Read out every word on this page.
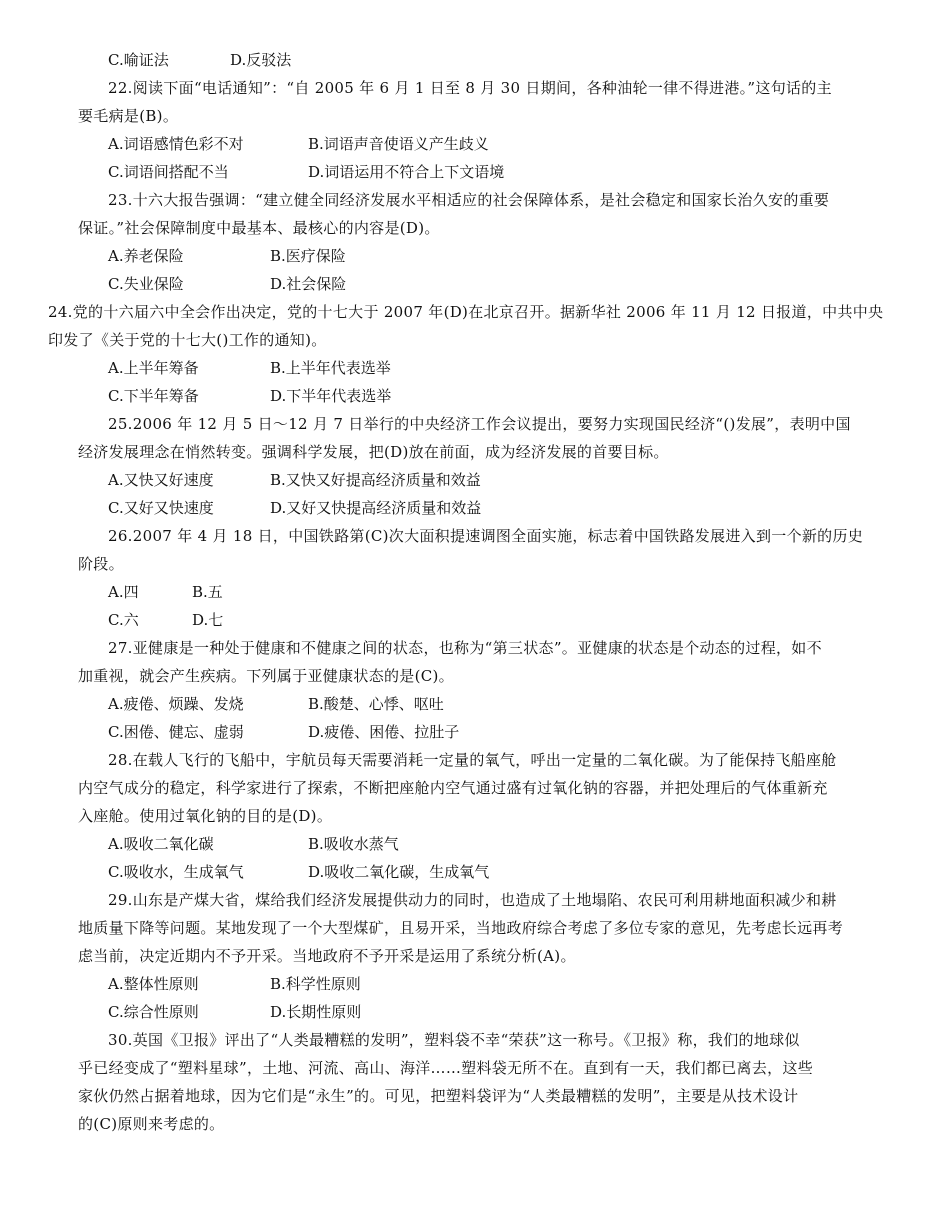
C.喻证法	D.反驳法
22.阅读下面“电话通知”：“自 2005 年 6 月 1 日至 8 月 30 日期间，各种油轮一律不得进港。”这句话的主
要毛病是(B)。
A.词语感情色彩不对	B.词语声音使语义产生歧义
C.词语间搭配不当	D.词语运用不符合上下文语境
23.十六大报告强调：“建立健全同经济发展水平相适应的社会保障体系，是社会稳定和国家长治久安的重要
保证。”社会保障制度中最基本、最核心的内容是(D)。
A.养老保险	B.医疗保险
C.失业保险	D.社会保险
24.党的十六届六中全会作出决定，党的十七大于 2007 年(D)在北京召开。据新华社 2006 年 11 月 12 日报道，中共中央
印发了《关于党的十七大()工作的通知)。
A.上半年筹备	B.上半年代表选举
C.下半年筹备	D.下半年代表选举
25.2006 年 12 月 5 日～12 月 7 日举行的中央经济工作会议提出，要努力实现国民经济“()发展”，表明中国
经济发展理念在悄然转变。强调科学发展，把(D)放在前面，成为经济发展的首要目标。
A.又快又好速度	B.又快又好提高经济质量和效益
C.又好又快速度	D.又好又快提高经济质量和效益
26.2007 年 4 月 18 日，中国铁路第(C)次大面积提速调图全面实施，标志着中国铁路发展进入到一个新的历史
阶段。
A.四	B.五
C.六	D.七
27.亚健康是一种处于健康和不健康之间的状态，也称为“第三状态”。亚健康的状态是个动态的过程，如不
加重视，就会产生疾病。下列属于亚健康状态的是(C)。
A.疲倦、烦躁、发烧	B.酸楚、心悸、呕吐
C.困倦、健忘、虚弱	D.疲倦、困倦、拉肚子
28.在载人飞行的飞船中，宇航员每天需要消耗一定量的氧气，呼出一定量的二氧化碳。为了能保持飞船座舱
内空气成分的稳定，科学家进行了探索，不断把座舱内空气通过盛有过氧化钠的容器，并把处理后的气体重新充
入座舱。使用过氧化钠的目的是(D)。
A.吸收二氧化碳	B.吸收水蒸气
C.吸收水，生成氧气	D.吸收二氧化碳，生成氧气
29.山东是产煤大省，煤给我们经济发展提供动力的同时，也造成了土地塌陷、农民可利用耕地面积减少和耕
地质量下降等问题。某地发现了一个大型煤矿，且易开采，当地政府综合考虑了多位专家的意见，先考虑长远再考
虑当前，决定近期内不予开采。当地政府不予开采是运用了系统分析(A)。
A.整体性原则	B.科学性原则
C.综合性原则	D.长期性原则
30.英国《卫报》评出了“人类最糟糕的发明”，塑料袋不幸“荣获”这一称号。《卫报》称，我们的地球似
乎已经变成了“塑料星球”，土地、河流、高山、海洋……塑料袋无所不在。直到有一天，我们都已离去，这些
家伙仍然占据着地球，因为它们是“永生”的。可见，把塑料袋评为“人类最糟糕的发明”，主要是从技术设计
的(C)原则来考虑的。
